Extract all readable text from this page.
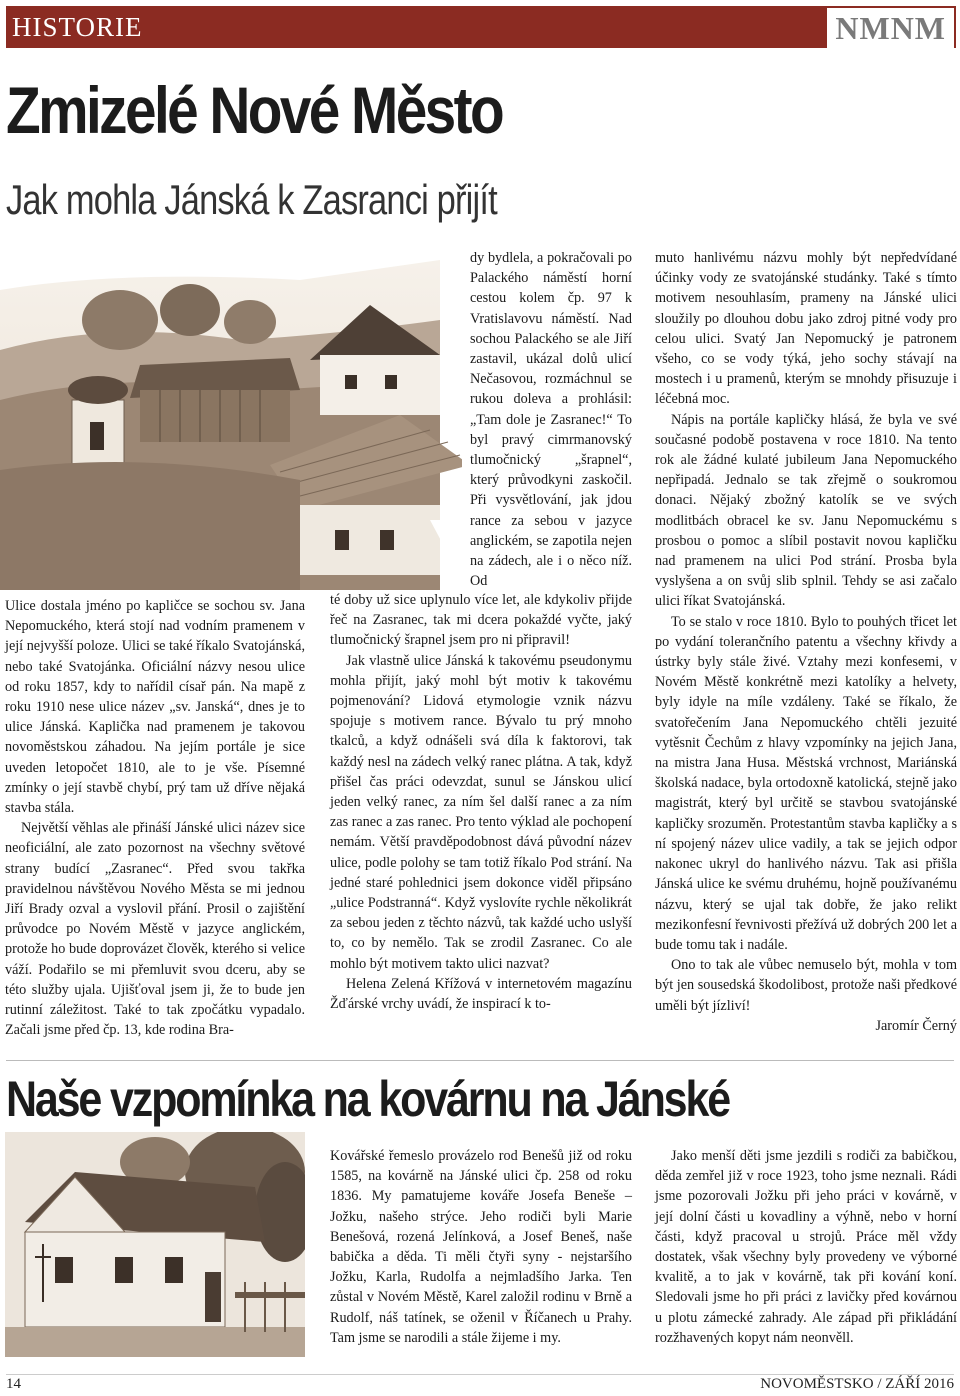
HISTORIE	NMNM
Zmizelé Nové Město
Jak mohla Jánská k Zasranci přijít

Ulice dostala jméno po kapličce se sochou sv. Jana Nepomuckého, která stojí nad vodním pramenem v její nejvyšší poloze. Ulici se také říkalo Svatojánská, nebo také Svatojánka. Oficiální názvy nesou ulice od roku 1857, kdy to nařídil císař pán. Na mapě z roku 1910 nese ulice název „sv. Janská“, dnes je to ulice Jánská. Kaplička nad pramenem je takovou novoměstskou záhadou. Na jejím portále je sice uveden letopočet 1810, ale to je vše. Písemné zmínky o její stavbě chybí, prý tam už dříve nějaká stavba stála.

Největší věhlas ale přináší Jánské ulici název sice neoficiální, ale zato pozornost na všechny světové strany budící „Zasranec“. Před svou takřka pravidelnou návštěvou Nového Města se mi jednou Jiří Brady ozval a vyslovil přání. Prosil o zajištění průvodce po Novém Městě v jazyce anglickém, protože ho bude doprovázet člověk, kterého si velice váží. Podařilo se mi přemluvit svou dceru, aby se této služby ujala. Ujišťoval jsem ji, že to bude jen rutinní záležitost. Také to tak zpočátku vypadalo. Začali jsme před čp. 13, kde rodina Bra-

dy bydlela, a pokračovali po Palackého náměstí horní cestou kolem čp. 97 k Vratislavovu náměstí. Nad sochou Palackého se ale Jiří zastavil, ukázal dolů ulicí Nečasovou, rozmáchnul se rukou doleva a prohlásil: „Tam dole je Zasranec!“ To byl pravý cimrmanovský tlumočnický „šrapnel“, který průvodkyni zaskočil. Při vysvětlování, jak jdou rance za sebou v jazyce anglickém, se zapotila nejen na zádech, ale i o něco níž. Od

té doby už sice uplynulo více let, ale kdykoliv přijde řeč na Zasranec, tak mi dcera pokaždé vyčte, jaký tlumočnický šrapnel jsem pro ni připravil!

Jak vlastně ulice Jánská k takovému pseudonymu mohla přijít, jaký mohl být motiv k takovému pojmenování? Lidová etymologie vznik názvu spojuje s motivem rance. Bývalo tu prý mnoho tkalců, a když odnášeli svá díla k faktorovi, tak každý nesl na zádech velký ranec plátna. A tak, když přišel čas práci odevzdat, sunul se Jánskou ulicí jeden velký ranec, za ním šel další ranec a za ním zas ranec a zas ranec. Pro tento výklad ale pochopení nemám. Větší pravděpodobnost dává původní název ulice, podle polohy se tam totiž říkalo Pod strání. Na jedné staré pohlednici jsem dokonce viděl připsáno „ulice Podstranná“. Když vyslovíte rychle několikrát za sebou jeden z těchto názvů, tak každé ucho uslyší to, co by nemělo. Tak se zrodil Zasranec. Co ale mohlo být motivem takto ulici nazvat?

Helena Zelená Křížová v internetovém magazínu Žďárské vrchy uvádí, že inspirací k to-

muto hanlivému názvu mohly být nepředvídané účinky vody ze svatojánské studánky. Také s tímto motivem nesouhlasím, prameny na Jánské ulici sloužily po dlouhou dobu jako zdroj pitné vody pro celou ulici. Svatý Jan Nepomucký je patronem všeho, co se vody týká, jeho sochy stávají na mostech i u pramenů, kterým se mnohdy přisuzuje i léčebná moc.

Nápis na portále kapličky hlásá, že byla ve své současné podobě postavena v roce 1810. Na tento rok ale žádné kulaté jubileum Jana Nepomuckého nepřipadá. Jednalo se tak zřejmě o soukromou donaci. Nějaký zbožný katolík se ve svých modlitbách obracel ke sv. Janu Nepomuckému s prosbou o pomoc a slíbil postavit novou kapličku nad pramenem na ulici Pod strání. Prosba byla vyslyšena a on svůj slib splnil. Tehdy se asi začalo ulici říkat Svatojánská.

To se stalo v roce 1810. Bylo to pouhých třicet let po vydání tolerančního patentu a všechny křivdy a ústrky byly stále živé. Vztahy mezi konfesemi, v Novém Městě konkrétně mezi katolíky a helvety, byly idyle na míle vzdáleny. Také se říkalo, že svatořečením Jana Nepomuckého chtěli jezuité vytěsnit Čechům z hlavy vzpomínky na jejich Jana, na mistra Jana Husa. Městská vrchnost, Mariánská školská nadace, byla ortodoxně katolická, stejně jako magistrát, který byl určitě se stavbou svatojánské kapličky srozuměn. Protestantům stavba kapličky a s ní spojený název ulice vadily, a tak se jejich odpor nakonec ukryl do hanlivého názvu. Tak asi přišla Jánská ulice ke svému druhému, hojně používanému názvu, který se ujal tak dobře, že jako relikt mezikonfesní řevnivosti přežívá už dobrých 200 let a bude tomu tak i nadále.

Ono to tak ale vůbec nemuselo být, mohla v tom být jen sousedská škodolibost, protože naši předkové uměli být jízliví!

Jaromír Černý
Naše vzpomínka na kovárnu na Jánské

Kovářské řemeslo provázelo rod Benešů již od roku 1585, na kovárně na Jánské ulici čp. 258 od roku 1836. My pamatujeme kováře Josefa Beneše – Jožku, našeho strýce. Jeho rodiči byli Marie Benešová, rozená Jelínková, a Josef Beneš, naše babička a děda. Ti měli čtyři syny - nejstaršího Jožku, Karla, Rudolfa a nejmladšího Jarka. Ten zůstal v Novém Městě, Karel založil rodinu v Brně a Rudolf, náš tatínek, se oženil v Říčanech u Prahy. Tam jsme se narodili a stále žijeme i my.

Jako menší děti jsme jezdili s rodiči za babičkou, děda zemřel již v roce 1923, toho jsme neznali. Rádi jsme pozorovali Jožku při jeho práci v kovárně, v její dolní části u kovadliny a výhně, nebo v horní části, když pracoval u strojů. Práce měl vždy dostatek, však všechny byly provedeny ve výborné kvalitě, a to jak v kovárně, tak při kování koní. Sledovali jsme ho při práci z lavičky před kovárnou u plotu zámecké zahrady. Ale západ při přikládání rozžhavených kopyt nám neonvěll.

14	NOVOMĚSTSKO / ZÁŘÍ 2016
